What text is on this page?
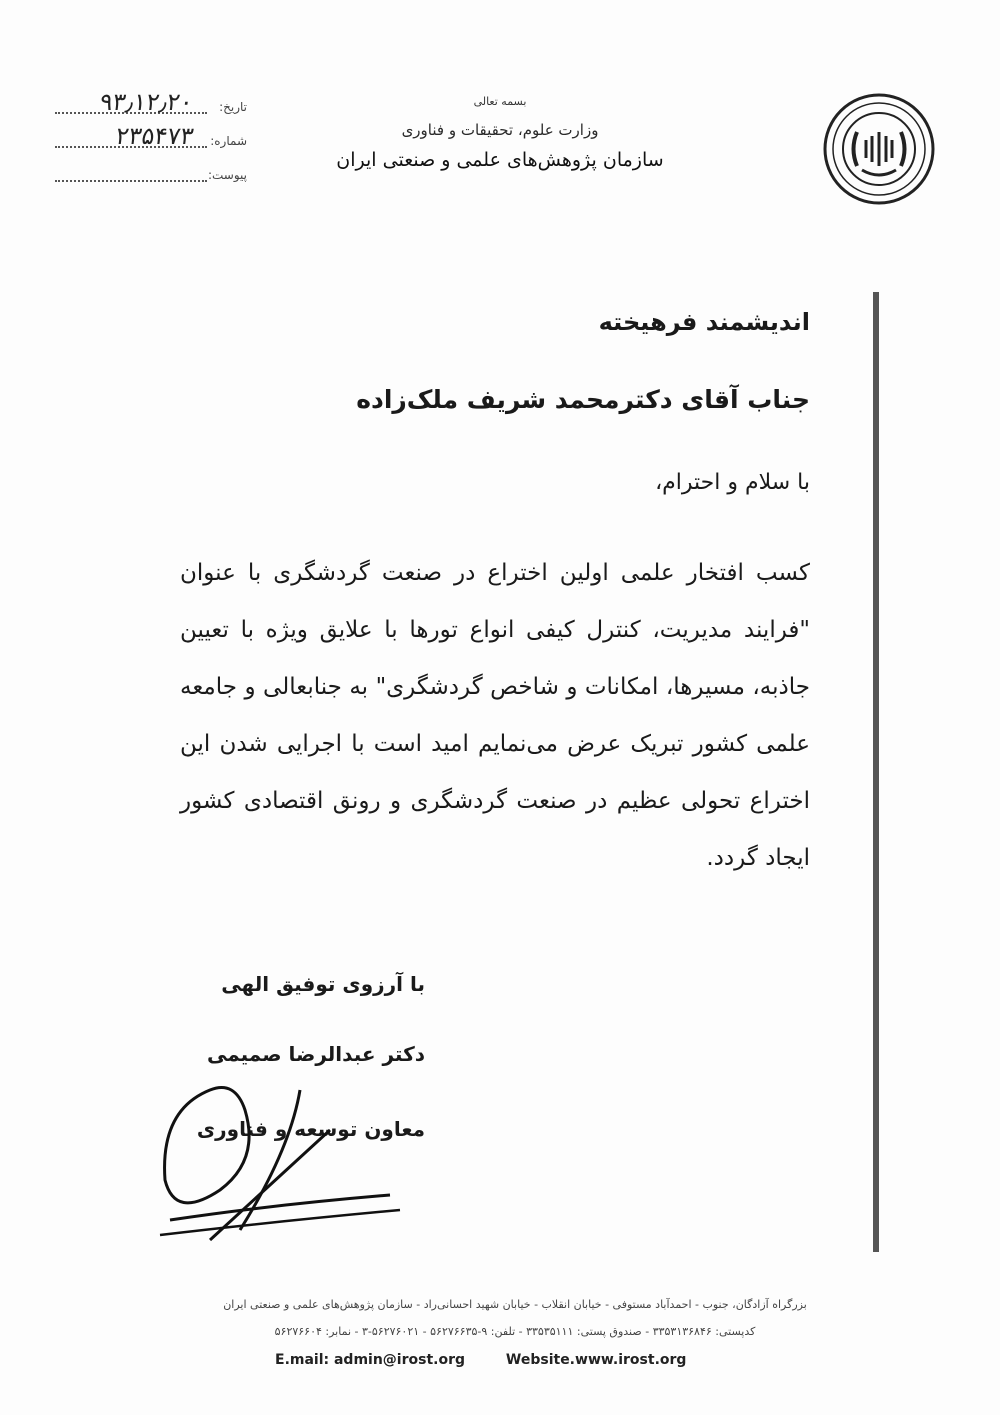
بسمه تعالی
وزارت علوم، تحقیقات و فناوری
سازمان پژوهش‌های علمی و صنعتی ایران
تاریخ:
۹۳٫۱۲٫۲۰
شماره:
۲۳۵۴۷۳
پیوست:
اندیشمند فرهیخته
جناب آقای دکترمحمد شریف ملک‌زاده
با سلام و احترام،
کسب افتخار علمی اولین اختراع در صنعت گردشگری با عنوان "فرایند مدیریت، کنترل کیفی انواع تورها با علایق ویژه با تعیین جاذبه، مسیرها، امکانات و شاخص گردشگری" به جنابعالی و جامعه علمی کشور تبریک عرض می‌نمایم امید است با اجرایی شدن این اختراع تحولی عظیم در صنعت گردشگری و رونق اقتصادی کشور ایجاد گردد.
با آرزوی توفیق الهی
دکتر عبدالرضا صمیمی
معاون توسعه و فناوری
بزرگراه آزادگان، جنوب - احمدآباد مستوفی - خیابان انقلاب - خیابان شهید احسانی‌راد - سازمان پژوهش‌های علمی و صنعتی ایران
کدپستی: ۳۳۵۳۱۳۶۸۴۶ - صندوق پستی: ۳۳۵۳۵۱۱۱ - تلفن: ۹-۵۶۲۷۶۶۳۵ - ۵۶۲۷۶۰۲۱-۳ - نمابر: ۵۶۲۷۶۶۰۴
E.mail: admin@irost.org	Website.www.irost.org
